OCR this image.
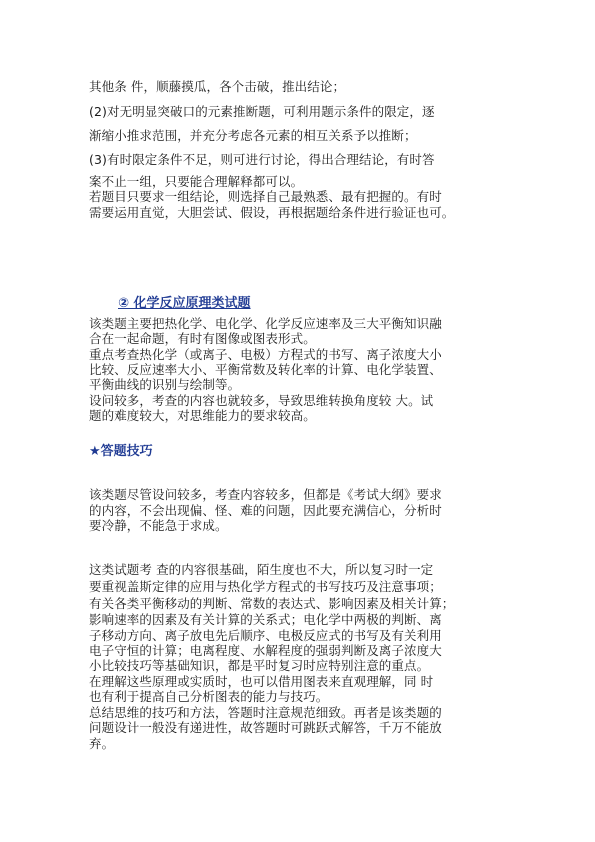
其他条 件，顺藤摸瓜，各个击破，推出结论；
(2)对无明显突破口的元素推断题，可利用题示条件的限定，逐
渐缩小推求范围，并充分考虑各元素的相互关系予以推断；
(3)有时限定条件不足，则可进行讨论，得出合理结论，有时答
案不止一组，只要能合理解释都可以。
若题目只要求一组结论，则选择自己最熟悉、最有把握的。有时
需要运用直觉，大胆尝试、假设，再根据题给条件进行验证也可。
② 化学反应原理类试题
该类题主要把热化学、电化学、化学反应速率及三大平衡知识融
合在一起命题，有时有图像或图表形式。
重点考查热化学（或离子、电极）方程式的书写、离子浓度大小
比较、反应速率大小、平衡常数及转化率的计算、电化学装置、
平衡曲线的识别与绘制等。
设问较多，考查的内容也就较多，导致思维转换角度较 大。试
题的难度较大，对思维能力的要求较高。
★答题技巧
该类题尽管设问较多，考查内容较多，但都是《考试大纲》要求
的内容，不会出现偏、怪、难的问题，因此要充满信心，分析时
要冷静，不能急于求成。
这类试题考 查的内容很基础，陌生度也不大，所以复习时一定
要重视盖斯定律的应用与热化学方程式的书写技巧及注意事项；
有关各类平衡移动的判断、常数的表达式、影响因素及相关计算；
影响速率的因素及有关计算的关系式；电化学中两极的判断、离
子移动方向、离子放电先后顺序、电极反应式的书写及有关利用
电子守恒的计算；电离程度、水解程度的强弱判断及离子浓度大
小比较技巧等基础知识，都是平时复习时应特别注意的重点。
在理解这些原理或实质时，也可以借用图表来直观理解，同 时
也有利于提高自己分析图表的能力与技巧。
总结思维的技巧和方法，答题时注意规范细致。再者是该类题的
问题设计一般没有递进性，故答题时可跳跃式解答，千万不能放
弃。
